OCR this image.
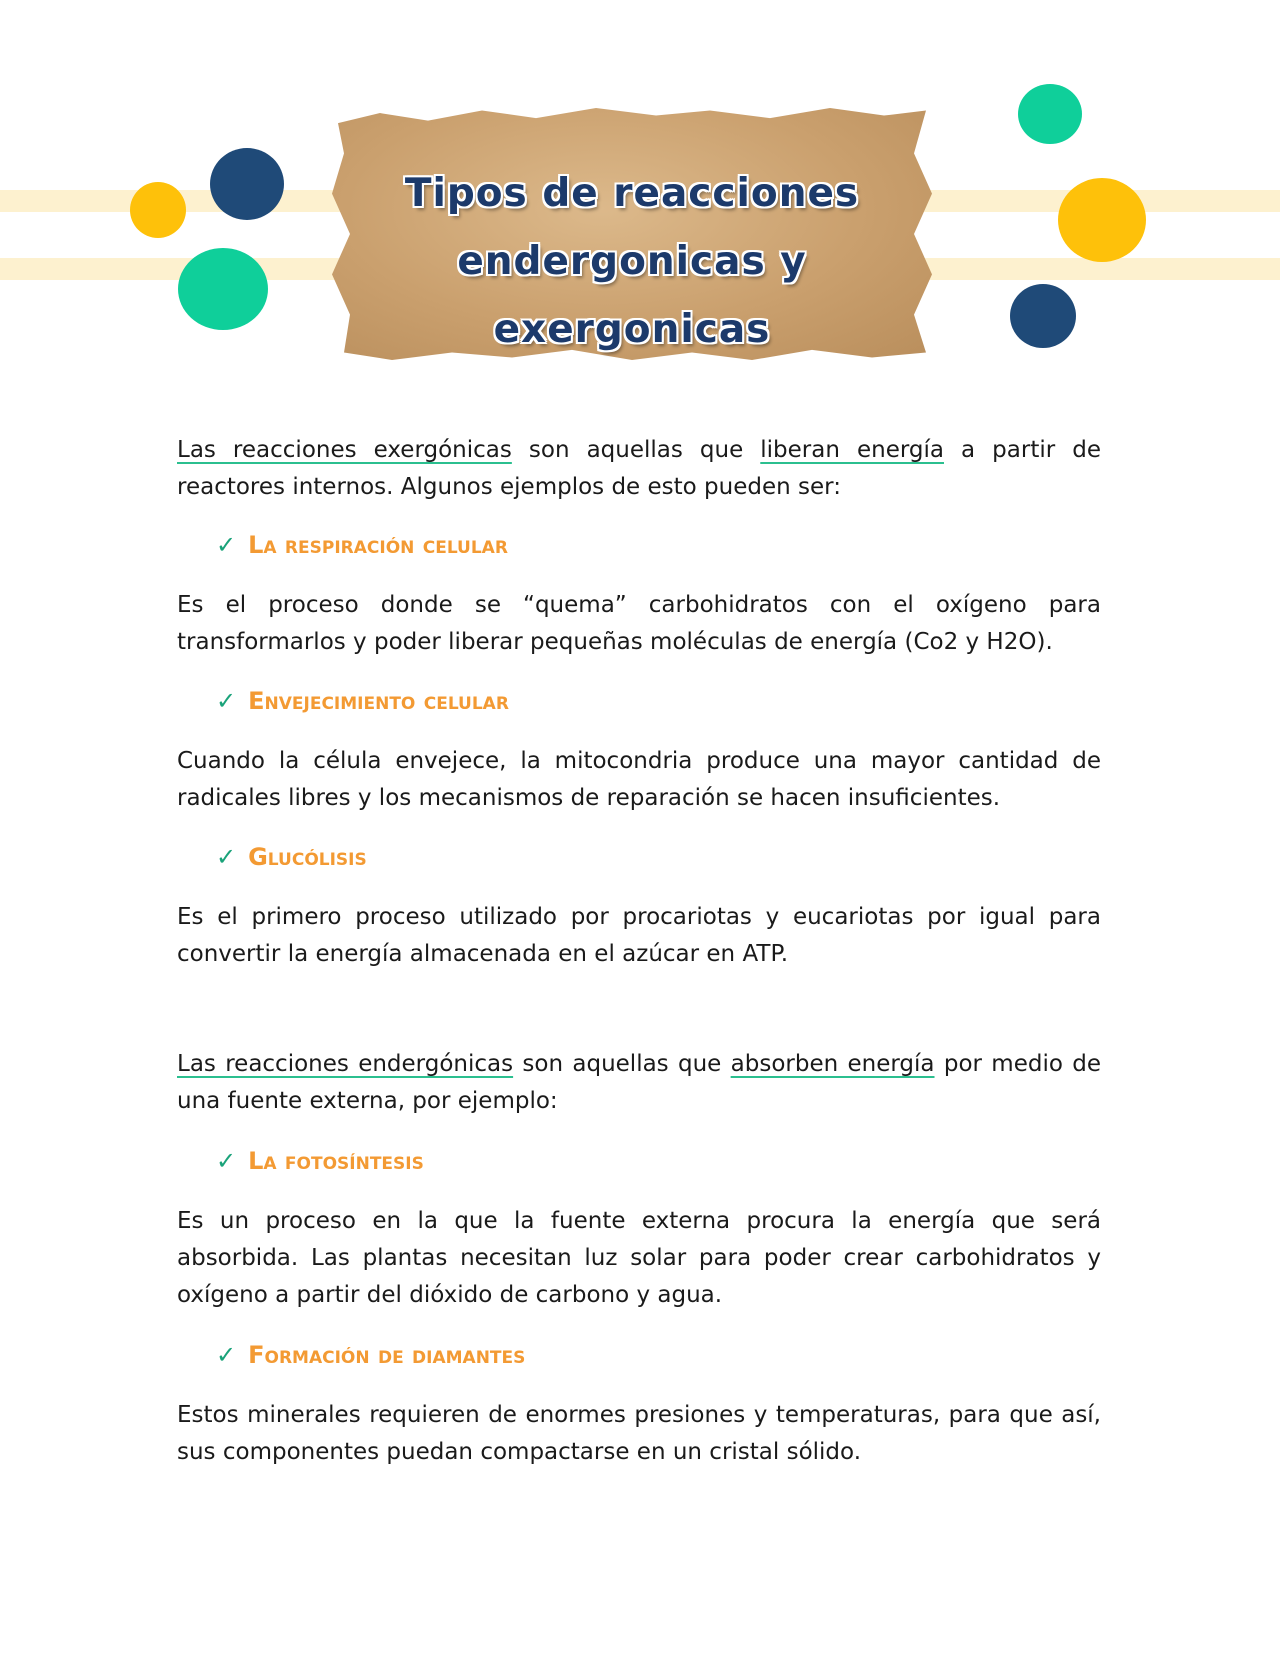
Tipos de reacciones
endergonicas y exergonicas

Las reacciones exergónicas son aquellas que liberan energía a partir de reactores internos. Algunos ejemplos de esto pueden ser:

✓ La respiración celular

Es el proceso donde se “quema” carbohidratos con el oxígeno para transformarlos y poder liberar pequeñas moléculas de energía (Co2 y H2O).

✓ Envejecimiento celular

Cuando la célula envejece, la mitocondria produce una mayor cantidad de radicales libres y los mecanismos de reparación se hacen insuficientes.

✓ Glucólisis

Es el primero proceso utilizado por procariotas y eucariotas por igual para convertir la energía almacenada en el azúcar en ATP.

Las reacciones endergónicas son aquellas que absorben energía por medio de una fuente externa, por ejemplo:

✓ La fotosíntesis

Es un proceso en la que la fuente externa procura la energía que será absorbida. Las plantas necesitan luz solar para poder crear carbohidratos y oxígeno a partir del dióxido de carbono y agua.

✓ Formación de diamantes

Estos minerales requieren de enormes presiones y temperaturas, para que así, sus componentes puedan compactarse en un cristal sólido.
